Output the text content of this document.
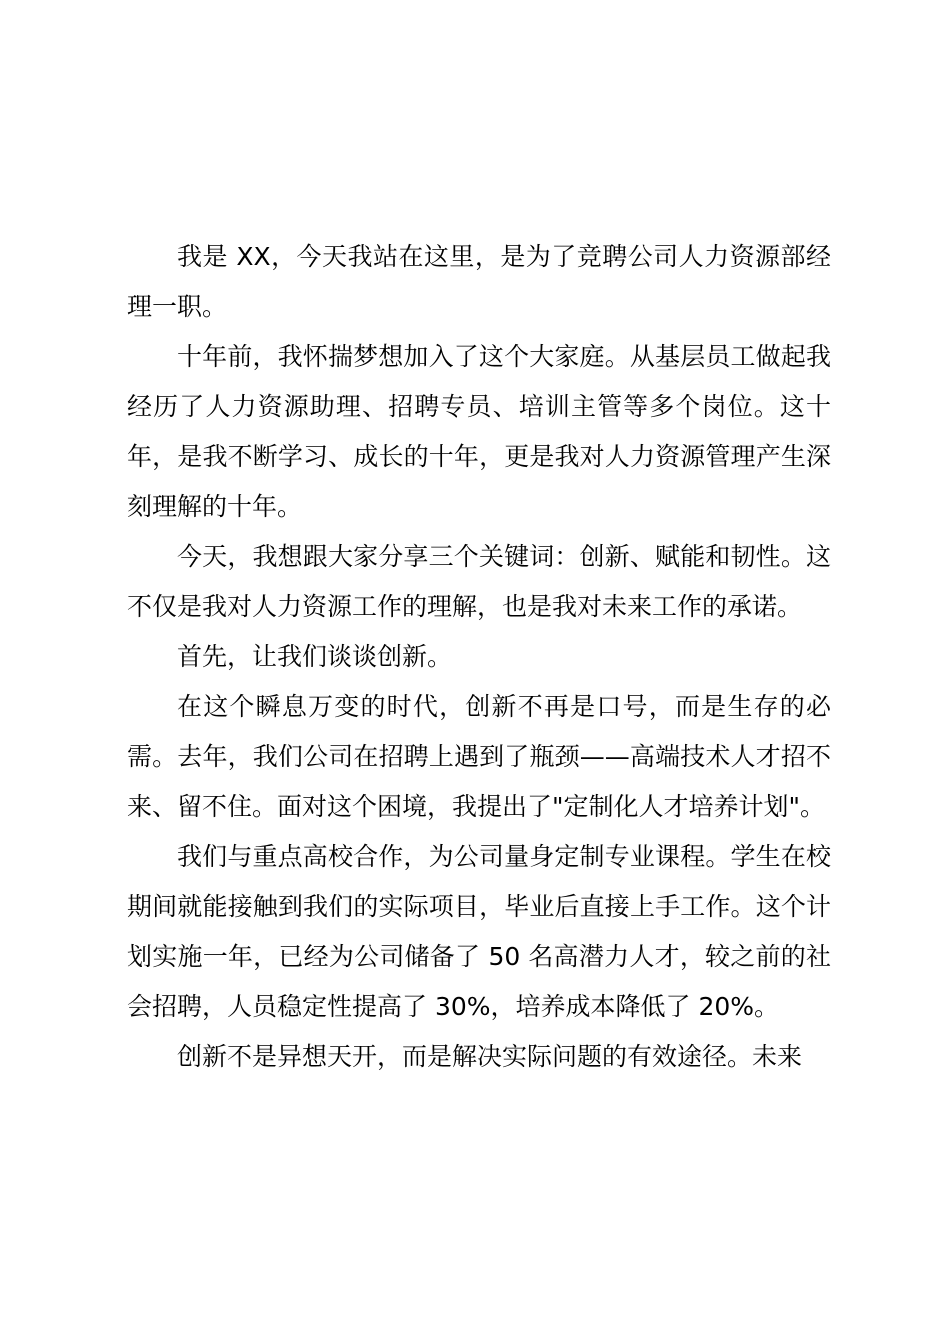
我是 XX，今天我站在这里，是为了竞聘公司人力资源部经理一职。

十年前，我怀揣梦想加入了这个大家庭。从基层员工做起我经历了人力资源助理、招聘专员、培训主管等多个岗位。这十年，是我不断学习、成长的十年，更是我对人力资源管理产生深刻理解的十年。

今天，我想跟大家分享三个关键词：创新、赋能和韧性。这不仅是我对人力资源工作的理解，也是我对未来工作的承诺。

首先，让我们谈谈创新。

在这个瞬息万变的时代，创新不再是口号，而是生存的必需。去年，我们公司在招聘上遇到了瓶颈——高端技术人才招不来、留不住。面对这个困境，我提出了"定制化人才培养计划"。

我们与重点高校合作，为公司量身定制专业课程。学生在校期间就能接触到我们的实际项目，毕业后直接上手工作。这个计划实施一年，已经为公司储备了 50 名高潜力人才，较之前的社会招聘，人员稳定性提高了 30%，培养成本降低了 20%。

创新不是异想天开，而是解决实际问题的有效途径。未来
